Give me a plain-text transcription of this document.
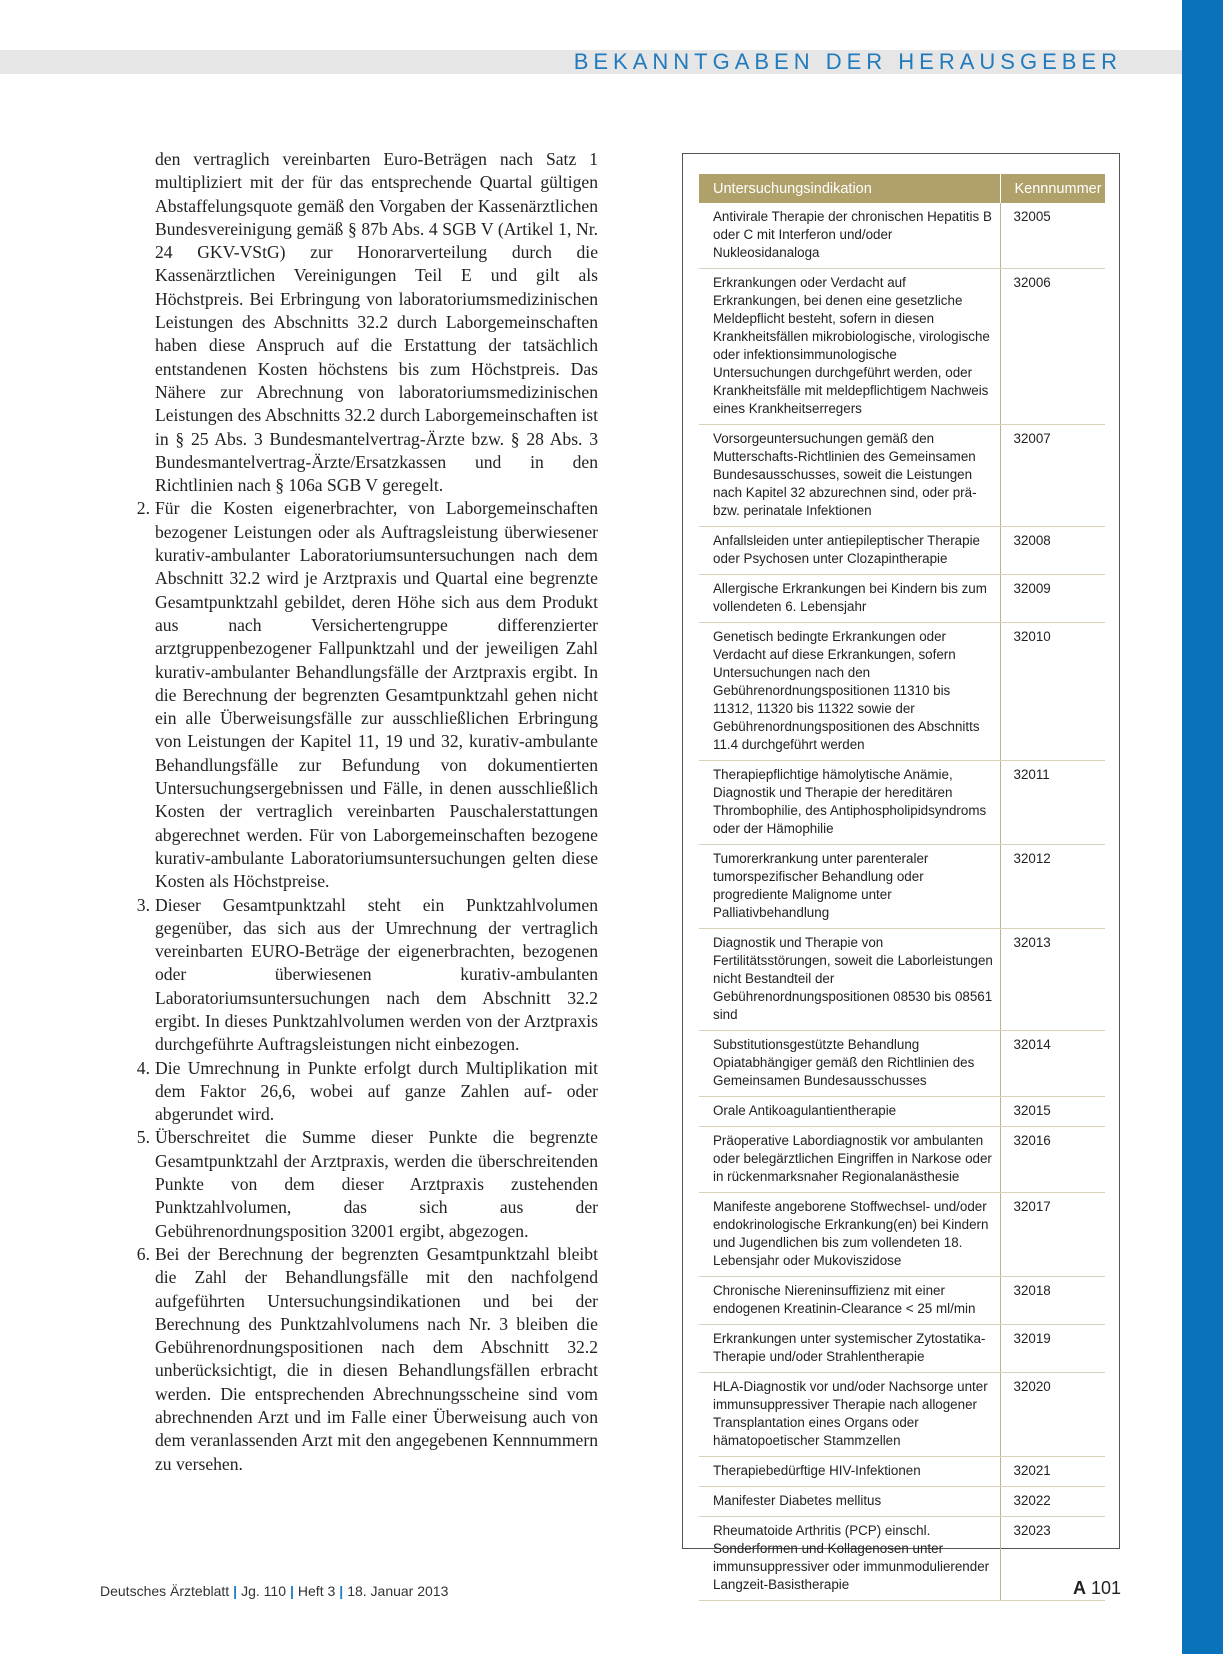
BEKANNTGABEN DER HERAUSGEBER

den vertraglich vereinbarten Euro-Beträgen nach Satz 1 multipliziert mit der für das entsprechende Quartal gültigen Abstaffelungsquote gemäß den Vorgaben der Kassenärztlichen Bundesvereinigung gemäß § 87b Abs. 4 SGB V (Artikel 1, Nr. 24 GKV-VStG) zur Honorarverteilung durch die Kassenärztlichen Vereinigungen Teil E und gilt als Höchstpreis. Bei Erbringung von laboratoriumsmedizinischen Leistungen des Abschnitts 32.2 durch Laborgemeinschaften haben diese Anspruch auf die Erstattung der tatsächlich entstandenen Kosten höchstens bis zum Höchstpreis. Das Nähere zur Abrechnung von laboratoriumsmedizinischen Leistungen des Abschnitts 32.2 durch Laborgemeinschaften ist in § 25 Abs. 3 Bundesmantelvertrag-Ärzte bzw. § 28 Abs. 3 Bundesmantelvertrag-Ärzte/Ersatzkassen und in den Richtlinien nach § 106a SGB V geregelt.

2. Für die Kosten eigenerbrachter, von Laborgemeinschaften bezogener Leistungen oder als Auftragsleistung überwiesener kurativ-ambulanter Laboratoriumsuntersuchungen nach dem Abschnitt 32.2 wird je Arztpraxis und Quartal eine begrenzte Gesamtpunktzahl gebildet, deren Höhe sich aus dem Produkt aus nach Versichertengruppe differenzierter arztgruppenbezogener Fallpunktzahl und der jeweiligen Zahl kurativ-ambulanter Behandlungsfälle der Arztpraxis ergibt. In die Berechnung der begrenzten Gesamtpunktzahl gehen nicht ein alle Überweisungsfälle zur ausschließlichen Erbringung von Leistungen der Kapitel 11, 19 und 32, kurativ-ambulante Behandlungsfälle zur Befundung von dokumentierten Untersuchungsergebnissen und Fälle, in denen ausschließlich Kosten der vertraglich vereinbarten Pauschalerstattungen abgerechnet werden. Für von Laborgemeinschaften bezogene kurativ-ambulante Laboratoriumsuntersuchungen gelten diese Kosten als Höchstpreise.
3. Dieser Gesamtpunktzahl steht ein Punktzahlvolumen gegenüber, das sich aus der Umrechnung der vertraglich vereinbarten EURO-Beträge der eigenerbrachten, bezogenen oder überwiesenen kurativ-ambulanten Laboratoriumsuntersuchungen nach dem Abschnitt 32.2 ergibt. In dieses Punktzahlvolumen werden von der Arztpraxis durchgeführte Auftragsleistungen nicht einbezogen.
4. Die Umrechnung in Punkte erfolgt durch Multiplikation mit dem Faktor 26,6, wobei auf ganze Zahlen auf- oder abgerundet wird.
5. Überschreitet die Summe dieser Punkte die begrenzte Gesamtpunktzahl der Arztpraxis, werden die überschreitenden Punkte von dem dieser Arztpraxis zustehenden Punktzahlvolumen, das sich aus der Gebührenordnungsposition 32001 ergibt, abgezogen.
6. Bei der Berechnung der begrenzten Gesamtpunktzahl bleibt die Zahl der Behandlungsfälle mit den nachfolgend aufgeführten Untersuchungsindikationen und bei der Berechnung des Punktzahlvolumens nach Nr. 3 bleiben die Gebührenordnungspositionen nach dem Abschnitt 32.2 unberücksichtigt, die in diesen Behandlungsfällen erbracht werden. Die entsprechenden Abrechnungsscheine sind vom abrechnenden Arzt und im Falle einer Überweisung auch von dem veranlassenden Arzt mit den angegebenen Kennnummern zu versehen.
Untersuchungsindikation	Kennnummer
Antivirale Therapie der chronischen Hepatitis B oder C mit Interferon und/oder Nukleosidanaloga	32005
Erkrankungen oder Verdacht auf Erkrankungen, bei denen eine gesetzliche Meldepflicht besteht, sofern in diesen Krankheitsfällen mikrobiologische, virologische oder infektionsimmunologische Untersuchungen durchgeführt werden, oder Krankheitsfälle mit meldepflichtigem Nachweis eines Krankheitserregers	32006
Vorsorgeuntersuchungen gemäß den Mutterschafts-Richtlinien des Gemeinsamen Bundesausschusses, soweit die Leistungen nach Kapitel 32 abzurechnen sind, oder prä- bzw. perinatale Infektionen	32007
Anfallsleiden unter antiepileptischer Therapie oder Psychosen unter Clozapintherapie	32008
Allergische Erkrankungen bei Kindern bis zum vollendeten 6. Lebensjahr	32009
Genetisch bedingte Erkrankungen oder Verdacht auf diese Erkrankungen, sofern Untersuchungen nach den Gebührenordnungspositionen 11310 bis 11312, 11320 bis 11322 sowie der Gebührenordnungspositionen des Abschnitts 11.4 durchgeführt werden	32010
Therapiepflichtige hämolytische Anämie, Diagnostik und Therapie der hereditären Thrombophilie, des Antiphospholipidsyndroms oder der Hämophilie	32011
Tumorerkrankung unter parenteraler tumorspezifischer Behandlung oder progrediente Malignome unter Palliativbehandlung	32012
Diagnostik und Therapie von Fertilitätsstörungen, soweit die Laborleistungen nicht Bestandteil der Gebührenordnungspositionen 08530 bis 08561 sind	32013
Substitutionsgestützte Behandlung Opiatabhängiger gemäß den Richtlinien des Gemeinsamen Bundesausschusses	32014
Orale Antikoagulantientherapie	32015
Präoperative Labordiagnostik vor ambulanten oder belegärztlichen Eingriffen in Narkose oder in rückenmarksnaher Regionalanästhesie	32016
Manifeste angeborene Stoffwechsel- und/oder endokrinologische Erkrankung(en) bei Kindern und Jugendlichen bis zum vollendeten 18. Lebensjahr oder Mukoviszidose	32017
Chronische Niereninsuffizienz mit einer endogenen Kreatinin-Clearance < 25 ml/min	32018
Erkrankungen unter systemischer Zytostatika-Therapie und/oder Strahlentherapie	32019
HLA-Diagnostik vor und/oder Nachsorge unter immunsuppressiver Therapie nach allogener Transplantation eines Organs oder hämatopoetischer Stammzellen	32020
Therapiebedürftige HIV-Infektionen	32021
Manifester Diabetes mellitus	32022
Rheumatoide Arthritis (PCP) einschl. Sonderformen und Kollagenosen unter immunsuppressiver oder immunmodulierender Langzeit-Basistherapie	32023
Deutsches Ärzteblatt | Jg. 110 | Heft 3 | 18. Januar 2013	A 101
